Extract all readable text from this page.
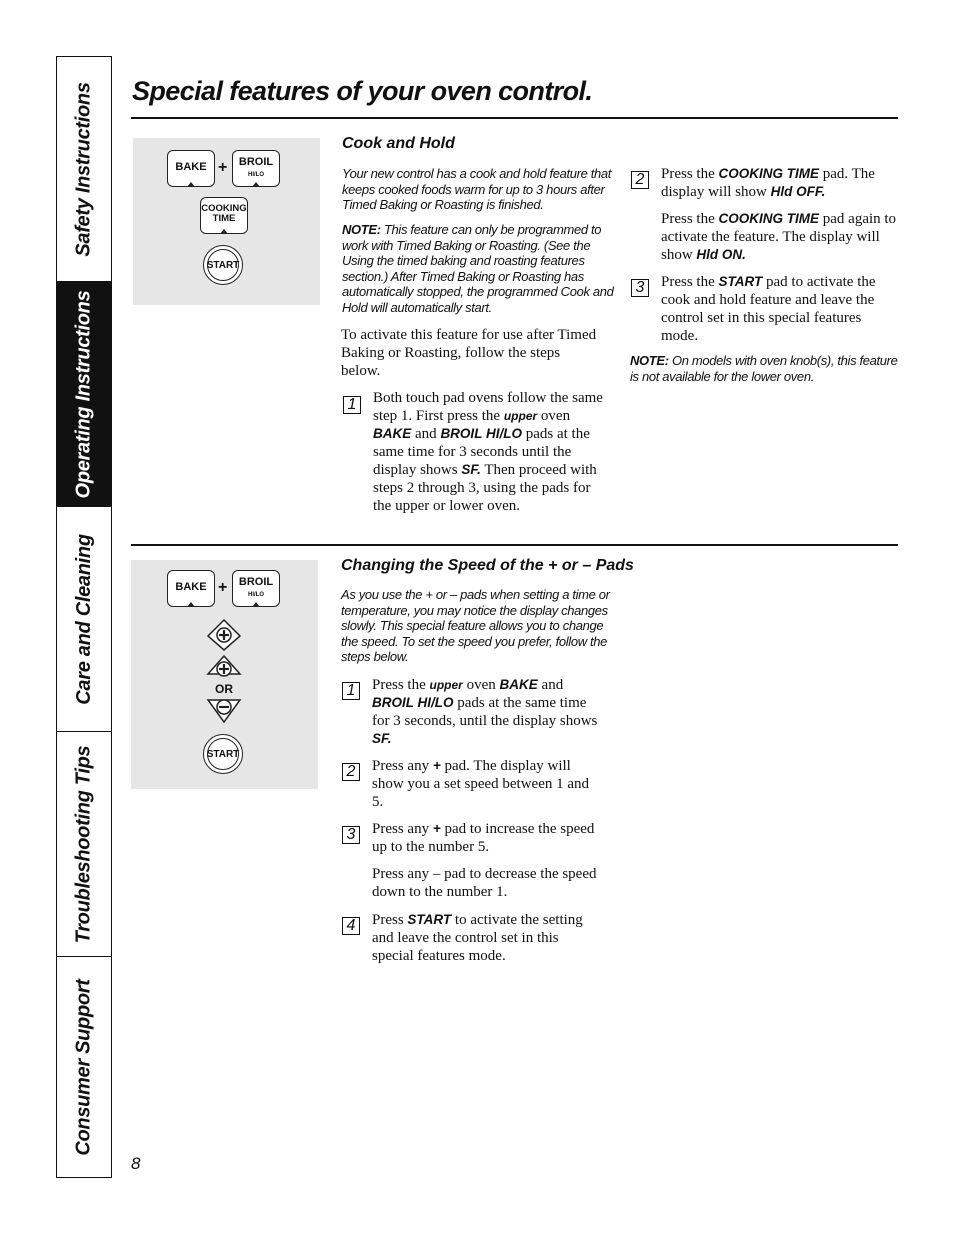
Safety Instructions
Operating Instructions
Care and Cleaning
Troubleshooting Tips
Consumer Support
Special features of your oven control.
BAKE +	BROIL
HI/LO
COOKING
TIME
START
Cook and Hold

Your new control has a cook and hold feature that keeps cooked foods warm for up to 3 hours after Timed Baking or Roasting is finished.

NOTE: This feature can only be programmed to work with Timed Baking or Roasting. (See the Using the timed baking and roasting features section.) After Timed Baking or Roasting has automatically stopped, the programmed Cook and Hold will automatically start.

To activate this feature for use after Timed Baking or Roasting, follow the steps below.

1	Both touch pad ovens follow the same step 1. First press the upper oven BAKE and BROIL HI/LO pads at the same time for 3 seconds until the display shows SF. Then proceed with steps 2 through 3, using the pads for the upper or lower oven.

2	Press the COOKING TIME pad. The display will show Hld OFF.

Press the COOKING TIME pad again to activate the feature. The display will show Hld ON.

3	Press the START pad to activate the cook and hold feature and leave the control set in this special features mode.

NOTE: On models with oven knob(s), this feature is not available for the lower oven.

BAKE +	BROIL
HI/LO
OR
START
Changing the Speed of the + or – Pads

As you use the + or – pads when setting a time or temperature, you may notice the display changes slowly. This special feature allows you to change the speed. To set the speed you prefer, follow the steps below.

1	Press the upper oven BAKE and BROIL HI/LO pads at the same time for 3 seconds, until the display shows SF.

2	Press any + pad. The display will show you a set speed between 1 and 5.

3	Press any + pad to increase the speed up to the number 5.

Press any – pad to decrease the speed down to the number 1.

4	Press START to activate the setting and leave the control set in this special features mode.

8
